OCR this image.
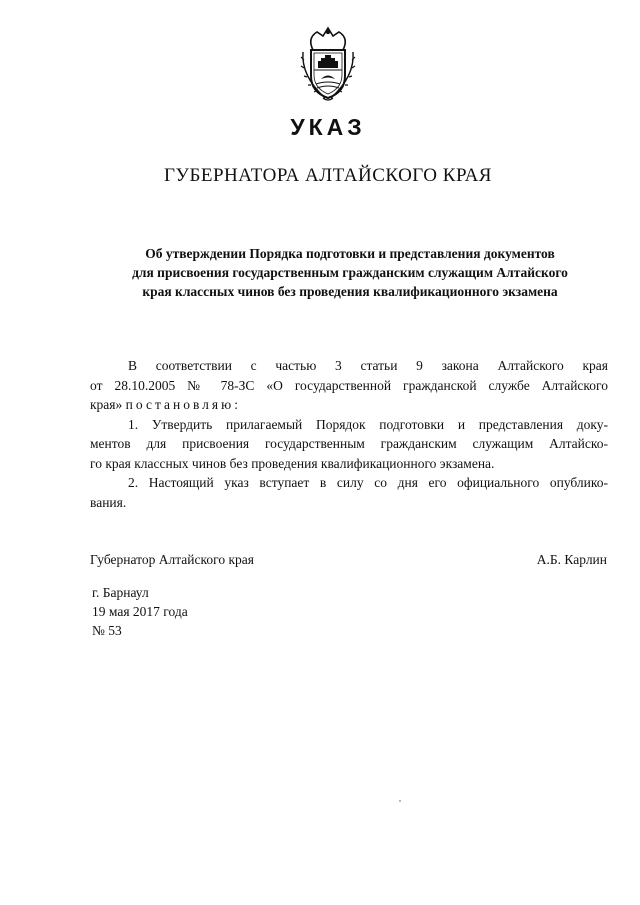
УКАЗ
ГУБЕРНАТОРА АЛТАЙСКОГО КРАЯ
Об утверждении Порядка подготовки и представления документов
для присвоения государственным гражданским служащим Алтайского
края классных чинов без проведения квалификационного экзамена
В соответствии с частью 3 статьи 9 закона Алтайского края
от 28.10.2005 № 78-ЗС «О государственной гражданской службе Алтайского
края» постановляю:
1. Утвердить прилагаемый Порядок подготовки и представления доку-
ментов для присвоения государственным гражданским служащим Алтайско-
го края классных чинов без проведения квалификационного экзамена.
2. Настоящий указ вступает в силу со дня его официального опублико-
вания.
Губернатор Алтайского края	А.Б. Карлин
г. Барнаул
19 мая 2017 года
№ 53
